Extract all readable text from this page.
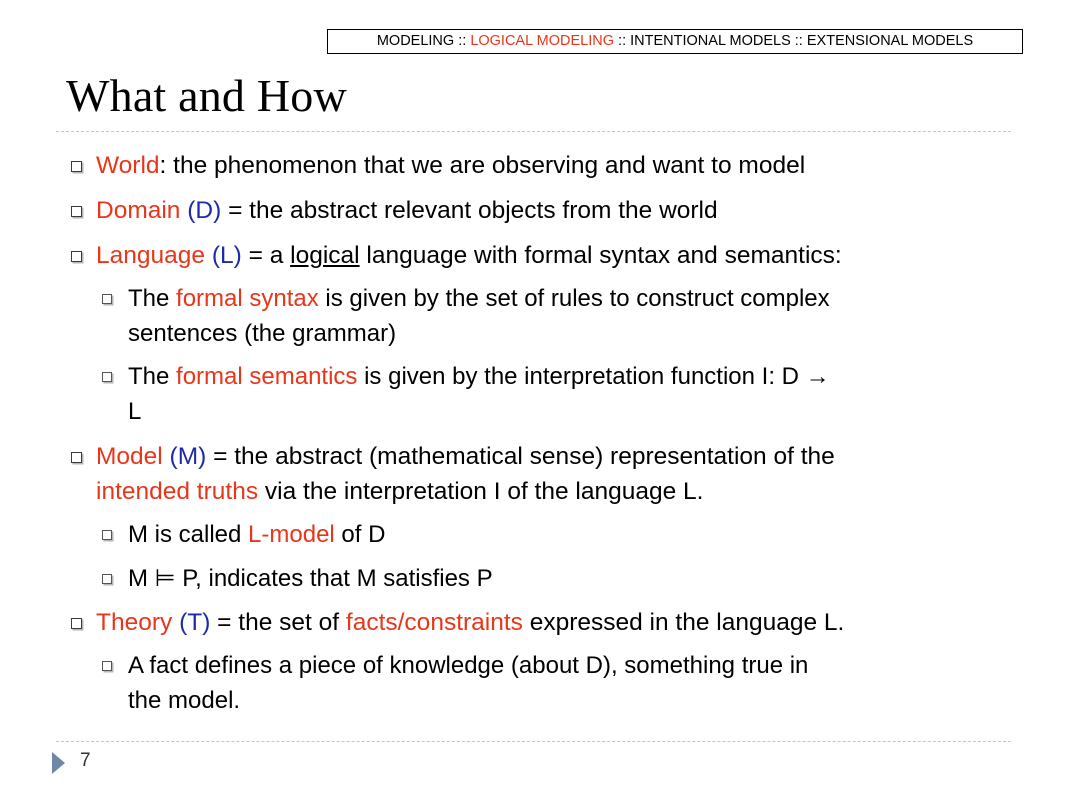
MODELING :: LOGICAL MODELING :: INTENTIONAL MODELS :: EXTENSIONAL MODELS
What and How
World: the phenomenon that we are observing and want to model
Domain (D) = the abstract relevant objects from the world
Language (L) = a logical language with formal syntax and semantics:
The formal syntax is given by the set of rules to construct complex
sentences (the grammar)
The formal semantics is given by the interpretation function I: D →
L
Model (M) = the abstract (mathematical sense) representation of the
intended truths via the interpretation I of the language L.
M is called L-model of D
M ⊨ P, indicates that M satisfies P
Theory (T) = the set of facts/constraints expressed in the language L.
A fact defines a piece of knowledge (about D), something true in
the model.
7
